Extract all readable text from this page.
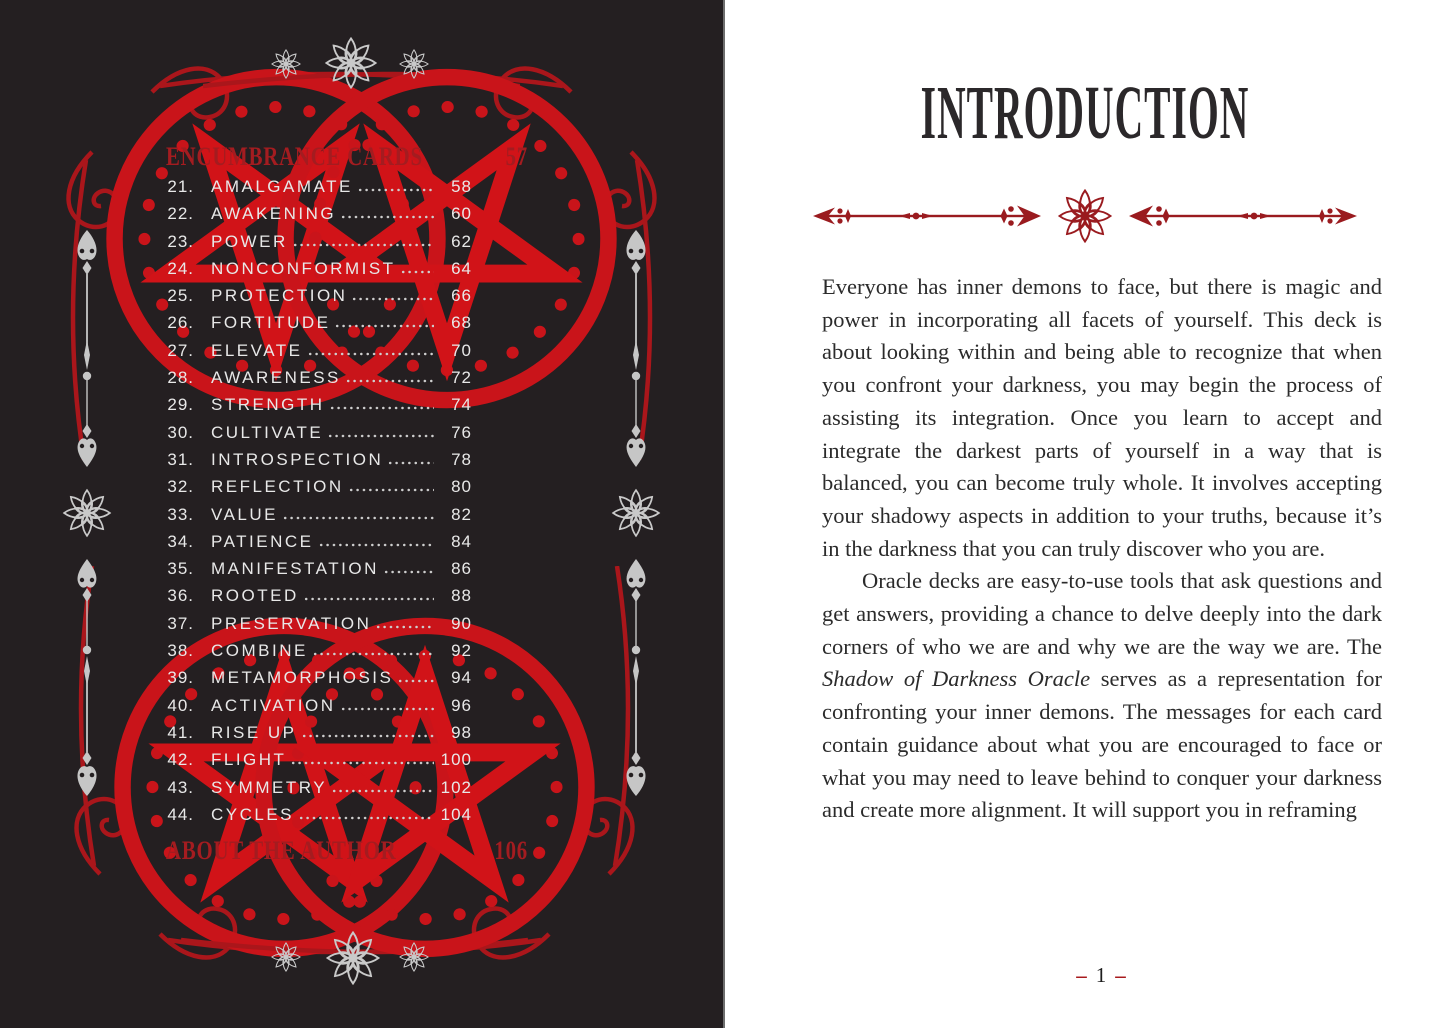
ENCUMBRANCE CARDS	57
21. AMALGAMATE	58
22. AWAKENING	60
23. POWER	62
24. NONCONFORMIST	64
25. PROTECTION	66
26. FORTITUDE	68
27. ELEVATE	70
28. AWARENESS	72
29. STRENGTH	74
30. CULTIVATE	76
31. INTROSPECTION	78
32. REFLECTION	80
33. VALUE	82
34. PATIENCE	84
35. MANIFESTATION	86
36. ROOTED	88
37. PRESERVATION	90
38. COMBINE	92
39. METAMORPHOSIS	94
40. ACTIVATION	96
41. RISE UP	98
42. FLIGHT	100
43. SYMMETRY	102
44. CYCLES	104
ABOUT THE AUTHOR	106
INTRODUCTION

Everyone has inner demons to face, but there is magic and power in incorporating all facets of yourself. This deck is about looking within and being able to recognize that when you confront your darkness, you may begin the process of assisting its integration. Once you learn to accept and integrate the darkest parts of yourself in a way that is balanced, you can become truly whole. It involves accepting your shadowy aspects in addition to your truths, because it’s in the darkness that you can truly discover who you are.

Oracle decks are easy-to-use tools that ask questions and get answers, providing a chance to delve deeply into the dark corners of who we are and why we are the way we are. The Shadow of Darkness Oracle serves as a representation for confronting your inner demons. The messages for each card contain guidance about what you are encouraged to face or what you may need to leave behind to conquer your darkness and create more alignment. It will support you in reframing

– 1 –
